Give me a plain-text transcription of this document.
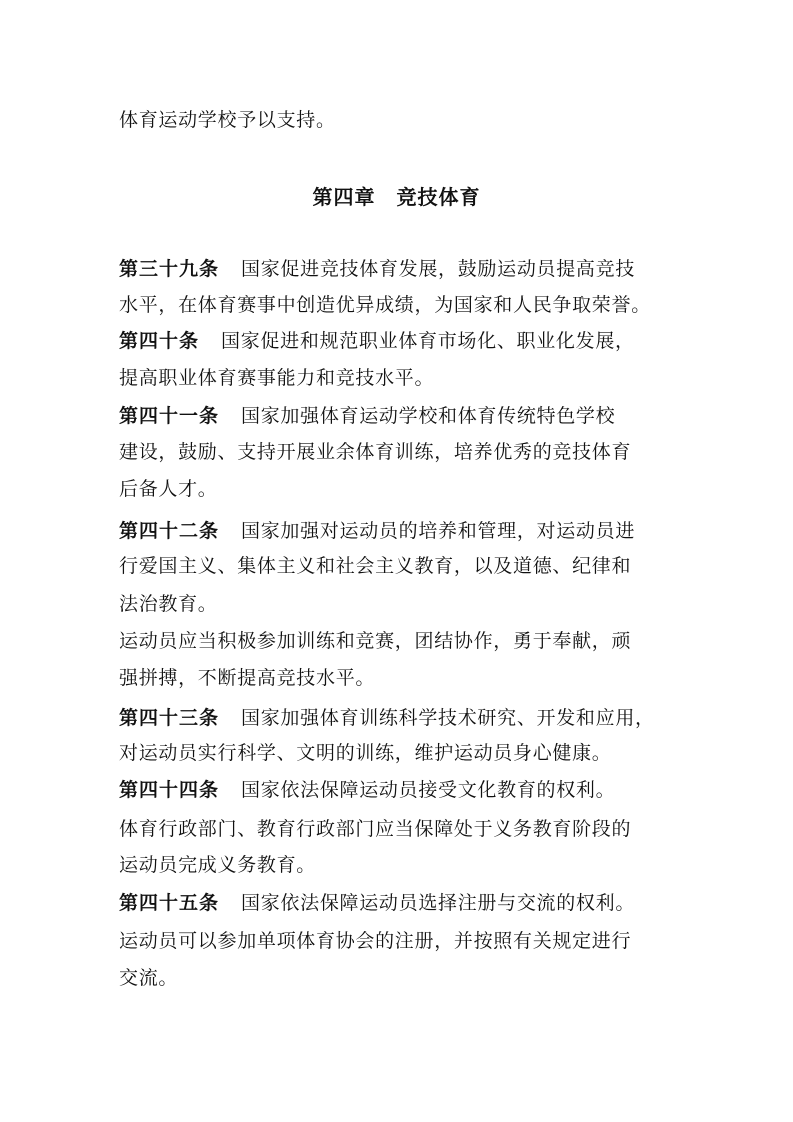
体育运动学校予以支持。
第四章　竞技体育
第三十九条 国家促进竞技体育发展，鼓励运动员提高竞技
水平，在体育赛事中创造优异成绩，为国家和人民争取荣誉。
第四十条 国家促进和规范职业体育市场化、职业化发展，
提高职业体育赛事能力和竞技水平。
第四十一条 国家加强体育运动学校和体育传统特色学校
建设，鼓励、支持开展业余体育训练，培养优秀的竞技体育
后备人才。
第四十二条 国家加强对运动员的培养和管理，对运动员进
行爱国主义、集体主义和社会主义教育，以及道德、纪律和
法治教育。
运动员应当积极参加训练和竞赛，团结协作，勇于奉献，顽
强拼搏，不断提高竞技水平。
第四十三条 国家加强体育训练科学技术研究、开发和应用，
对运动员实行科学、文明的训练，维护运动员身心健康。
第四十四条 国家依法保障运动员接受文化教育的权利。
体育行政部门、教育行政部门应当保障处于义务教育阶段的
运动员完成义务教育。
第四十五条 国家依法保障运动员选择注册与交流的权利。
运动员可以参加单项体育协会的注册，并按照有关规定进行
交流。
